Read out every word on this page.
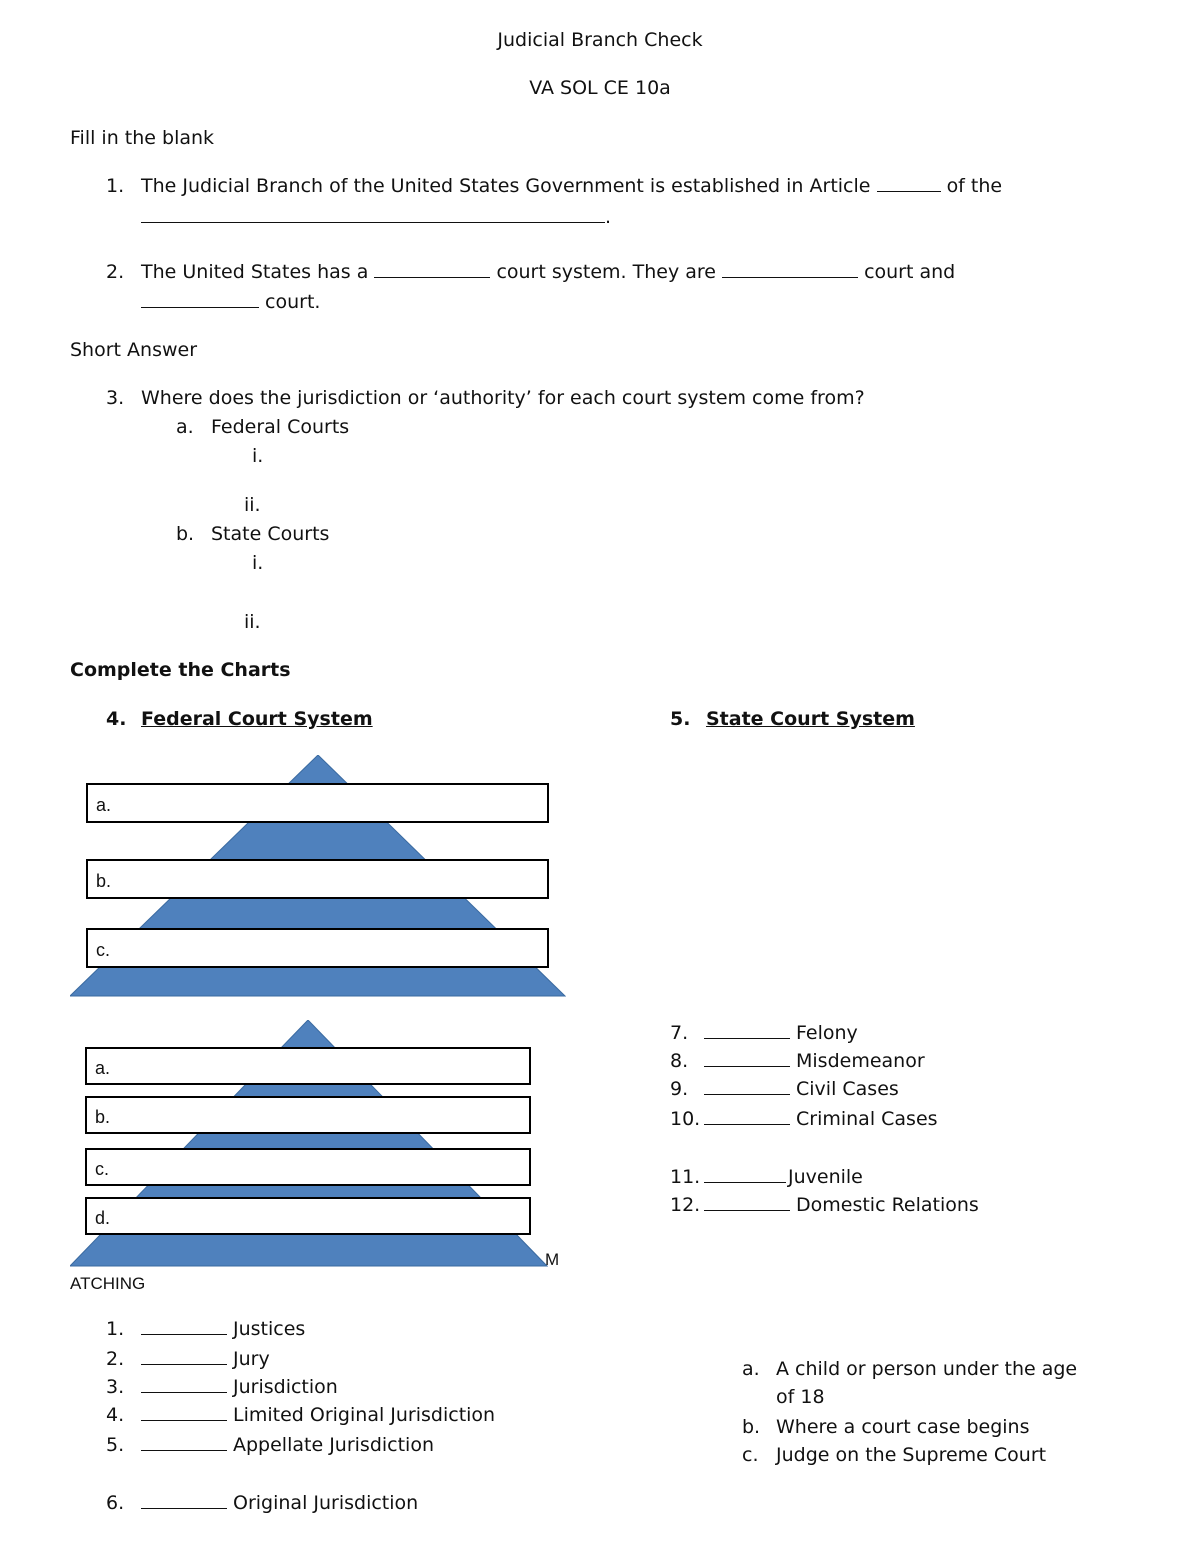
Judicial Branch Check
VA SOL CE 10a
Fill in the blank
1. The Judicial Branch of the United States Government is established in Article	of the
.
2. The United States has a	court system. They are	court and
court.
Short Answer
3. Where does the jurisdiction or ‘authority’ for each court system come from?
a. Federal Courts
i.
ii.
b. State Courts
i.
ii.
Complete the Charts
4. Federal Court System	5. State Court System
a.
b.
c.
a.
b.
c.
d.
7.	Felony
8.	Misdemeanor
9.	Civil Cases
10.	Criminal Cases
11.	Juvenile
12.	Domestic Relations
M
ATCHING
1.	Justices
2.	Jury
3.	Jurisdiction
4.	Limited Original Jurisdiction
5.	Appellate Jurisdiction
6.	Original Jurisdiction
a. A child or person under the age
of 18
b. Where a court case begins
c. Judge on the Supreme Court
